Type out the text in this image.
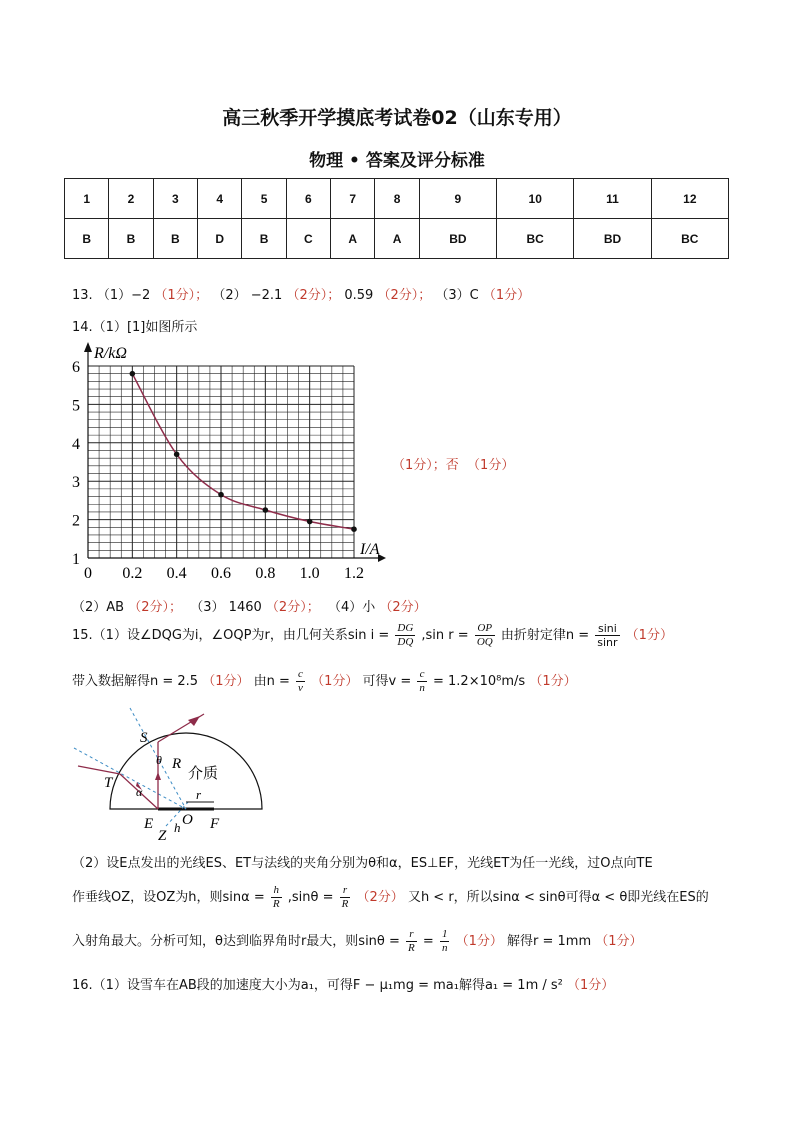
高三秋季开学摸底考试卷02（山东专用）
物理 • 答案及评分标准
1	2	3	4	5	6	7	8	9	10	11	12
B	B	B	D	B	C	A	A	BD	BC	BD	BC
13. （1）−2 （1分）； （2） −2.1 （2分）； 0.59 （2分）； （3）C （1分）
14.（1）[1]如图所示
0 0.2 0.4 0.6 0.8 1.0 1.2
1
2
3
4
5
6
R/kΩ
I/A
（1分）；否 （1分）
（2）AB （2分）； （3） 1460 （2分）； （4）小 （2分）
15.（1）设∠DQG为i，∠OQP为r，由几何关系$\sin i = \frac{DG}{DQ} ,\sin$ $r = \frac{OP}{OQ}$ 由折射定律$n = \frac{\sin i}{\sin r} (1$分）
带入数据解得n = 2.5 （1分） 由$n = \frac{c}{v} (1$分） 可得$v = \frac{c}{n} = 1.2\times 10^8m/s$ （1分）
S
θ R 介质
T
α	r
E O F
Z
h
（2）设E点发出的光线ES、ET与法线的夹角分别为θ和α，ES⊥EF，光线ET为任一光线，过O点向TE
作垂线OZ，设OZ为h，则$\sin\alpha = \frac{h}{R} ,\sin\theta = \frac{r}{R} (2$分） 又h < r，所以sinα < sinθ可得α < θ即光线在ES的
入射角最大。分析可知，θ达到临界角时r最大，则$\sin\theta = \frac{r}{R} = \frac{1}{n} (1$分） 解得r = 1mm （1分）
16.（1）设雪车在AB段的加速度大小为a₁，可得F − μ₁mg = ma₁解得a₁ = 1m / s² （1分）
